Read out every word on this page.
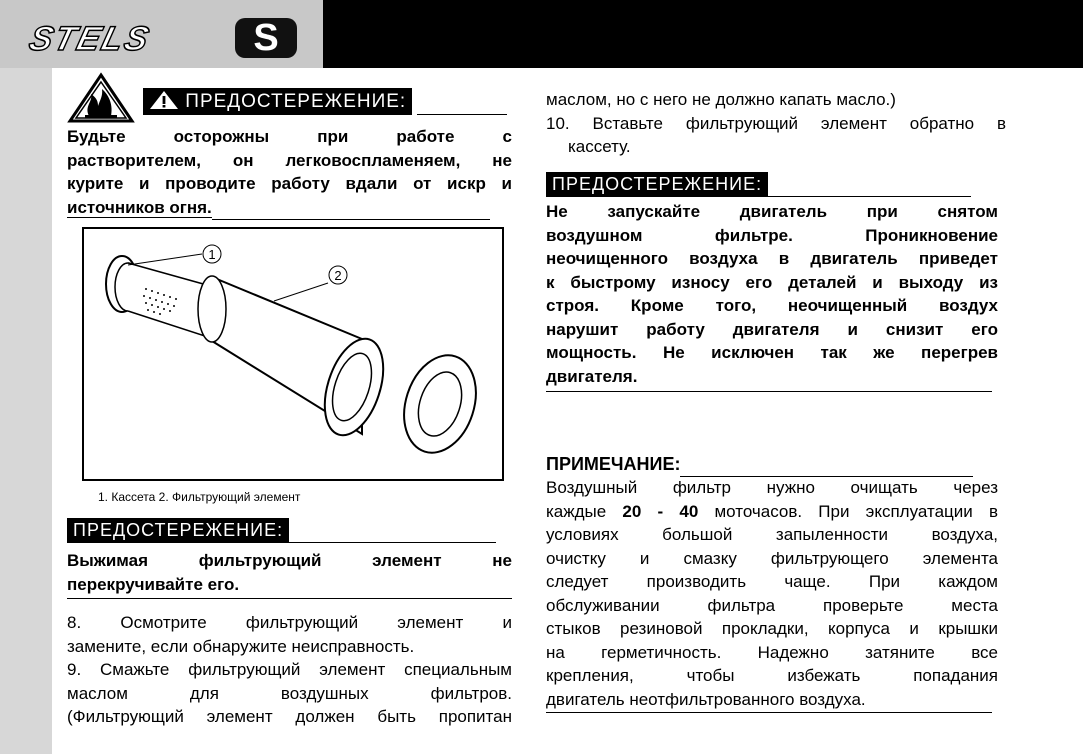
STELS	S
ПРЕДОСТЕРЕЖЕНИЕ:
Будьте осторожны при работе с
растворителем, он легковоспламеняем, не
курите и проводите работу вдали от искр и
источников огня.
1
2
1. Кассета 2. Фильтрующий элемент
ПРЕДОСТЕРЕЖЕНИЕ:
Выжимая фильтрующий элемент не
перекручивайте его.
8. Осмотрите фильтрующий элемент и
замените, если обнаружите неисправность.
9. Смажьте фильтрующий элемент специальным
маслом для воздушных фильтров.
(Фильтрующий элемент должен быть пропитан
маслом, но с него не должно капать масло.)
10. Вставьте фильтрующий элемент обратно в
кассету.
ПРЕДОСТЕРЕЖЕНИЕ:
Не запускайте двигатель при снятом
воздушном фильтре. Проникновение
неочищенного воздуха в двигатель приведет
к быстрому износу его деталей и выходу из
строя. Кроме того, неочищенный воздух
нарушит работу двигателя и снизит его
мощность. Не исключен так же перегрев
двигателя.
ПРИМЕЧАНИЕ:
Воздушный фильтр нужно очищать через
каждые 20 - 40 моточасов. При эксплуатации в
условиях большой запыленности воздуха,
очистку и смазку фильтрующего элемента
следует производить чаще. При каждом
обслуживании фильтра проверьте места
стыков резиновой прокладки, корпуса и крышки
на герметичность. Надежно затяните все
крепления, чтобы избежать попадания
двигатель неотфильтрованного воздуха.
